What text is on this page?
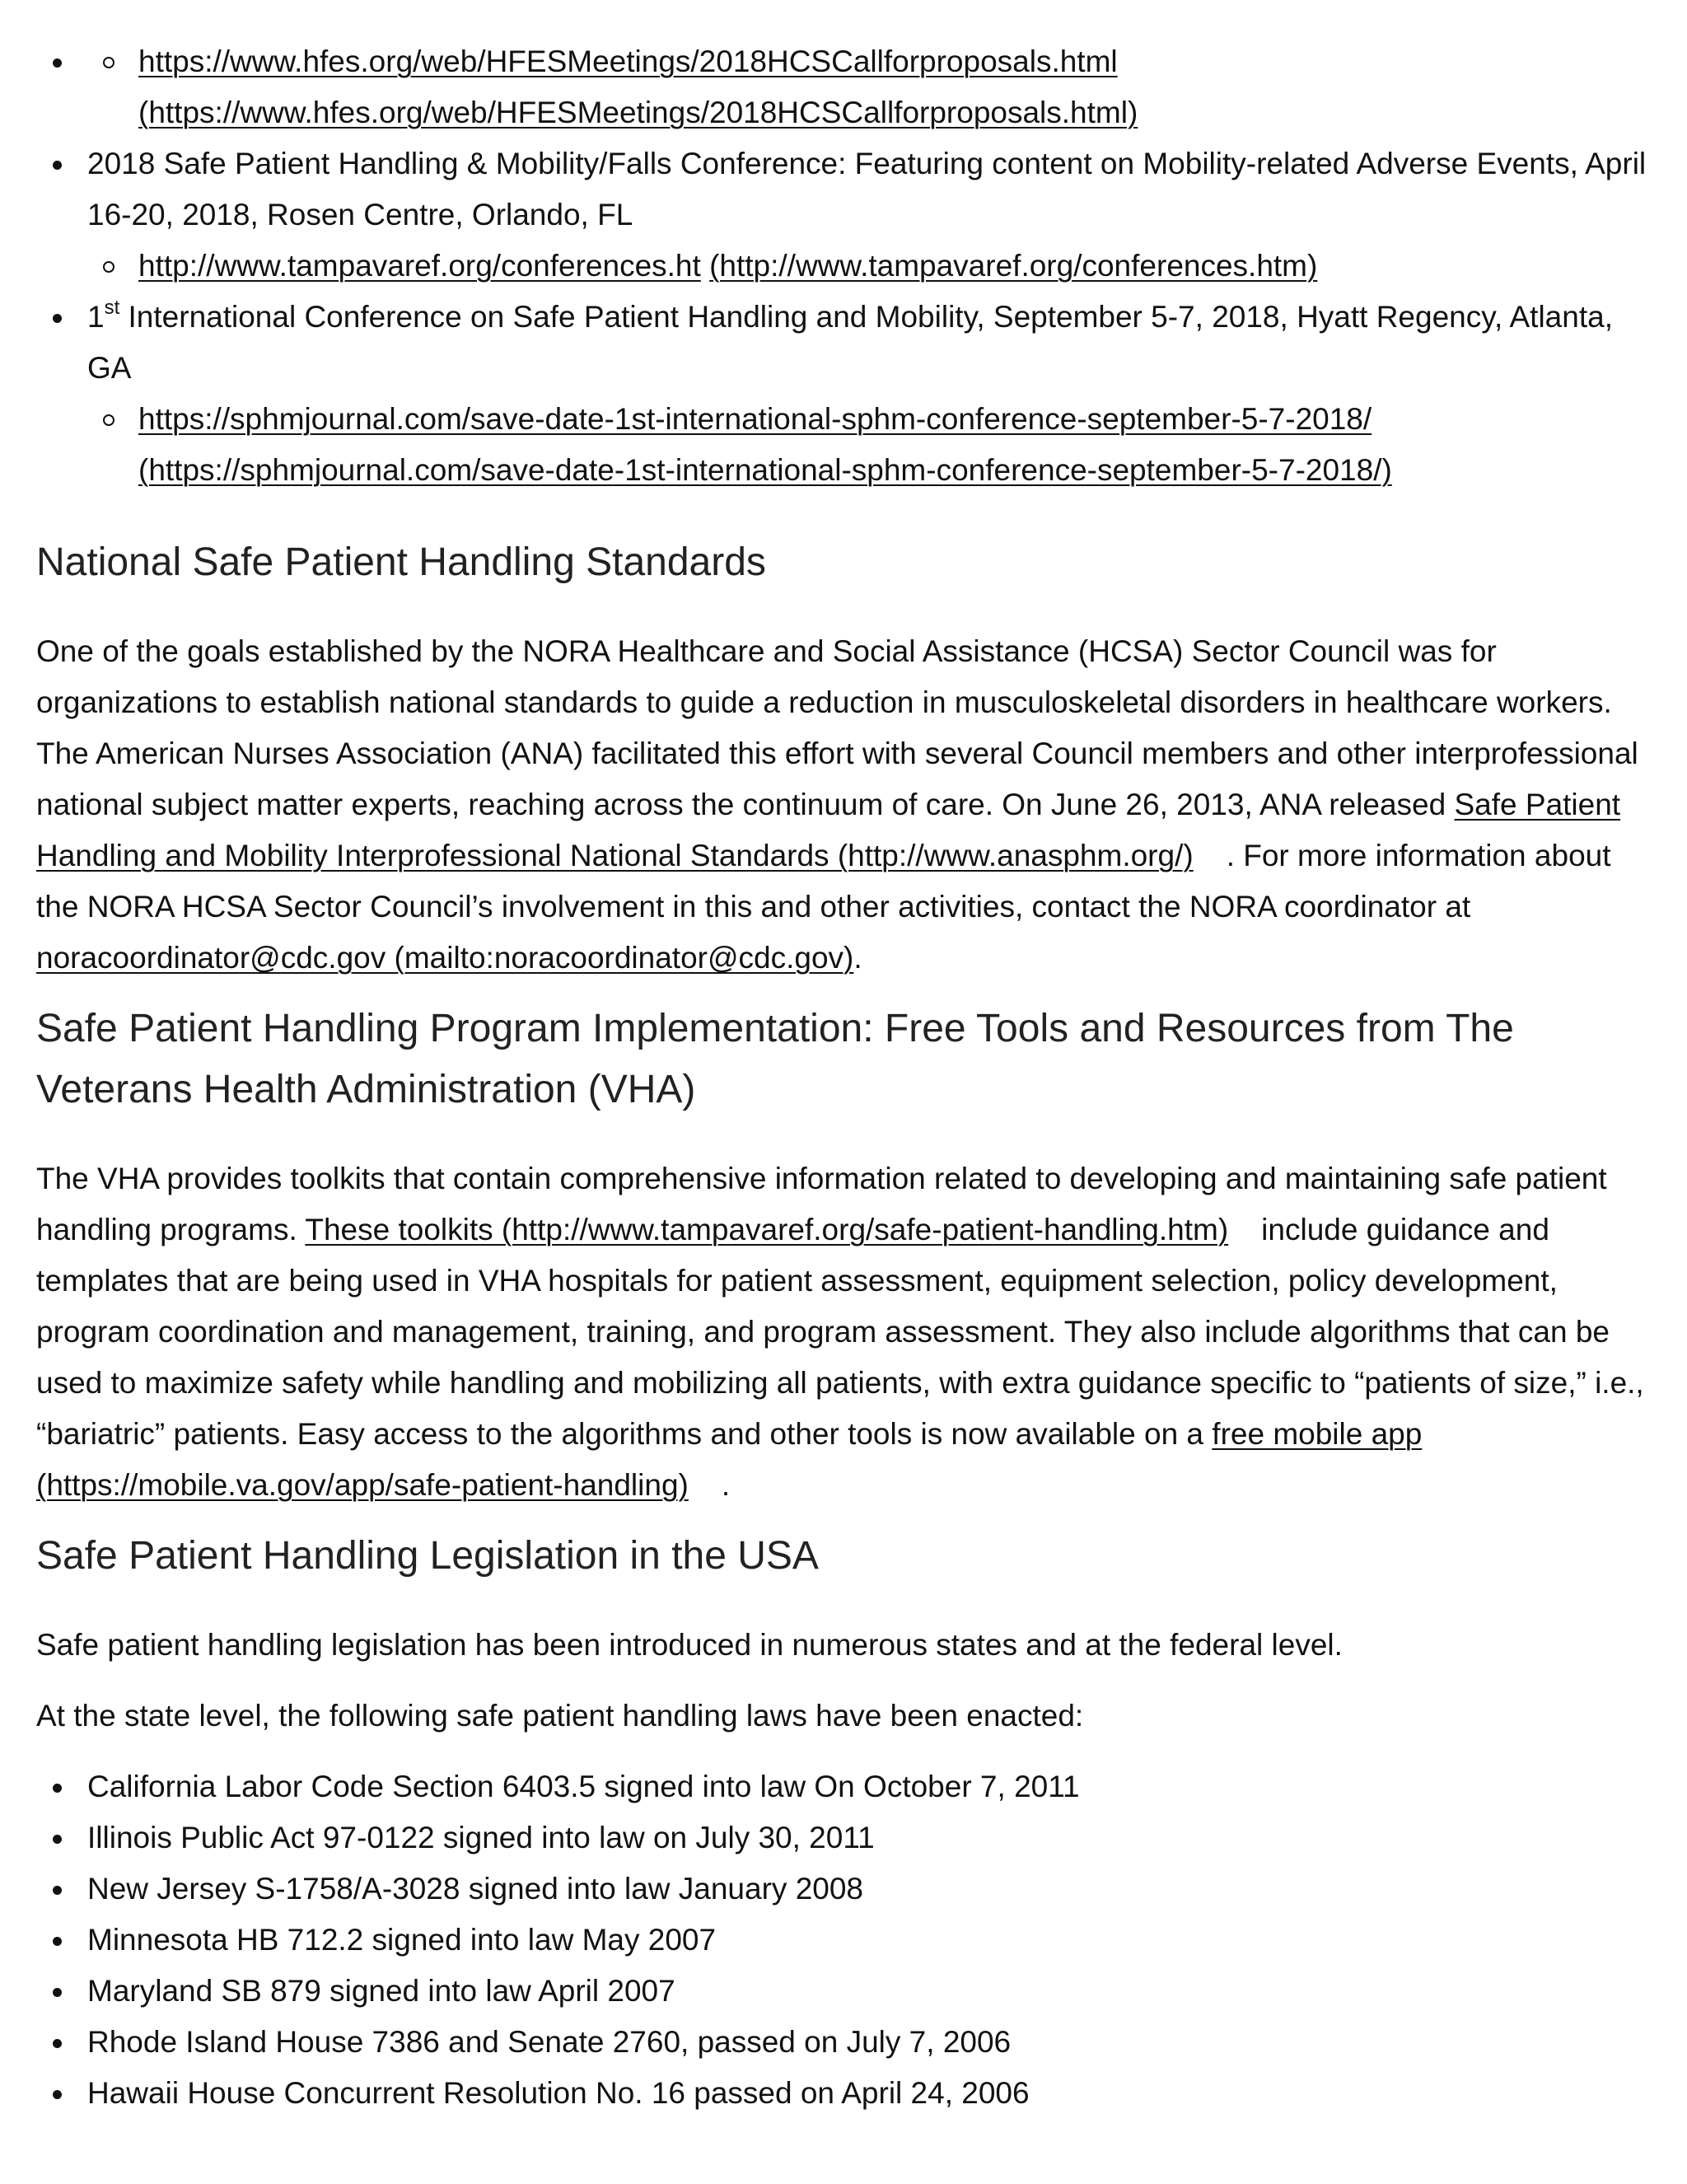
https://www.hfes.org/web/HFESMeetings/2018HCSCallforproposals.html
(https://www.hfes.org/web/HFESMeetings/2018HCSCallforproposals.html)
2018 Safe Patient Handling & Mobility/Falls Conference: Featuring content on Mobility-related Adverse Events, April 16-20, 2018, Rosen Centre, Orlando, FL
http://www.tampavaref.org/conferences.ht (http://www.tampavaref.org/conferences.htm)
1st International Conference on Safe Patient Handling and Mobility, September 5-7, 2018, Hyatt Regency, Atlanta, GA
https://sphmjournal.com/save-date-1st-international-sphm-conference-september-5-7-2018/
(https://sphmjournal.com/save-date-1st-international-sphm-conference-september-5-7-2018/)
National Safe Patient Handling Standards

One of the goals established by the NORA Healthcare and Social Assistance (HCSA) Sector Council was for organizations to establish national standards to guide a reduction in musculoskeletal disorders in healthcare workers. The American Nurses Association (ANA) facilitated this effort with several Council members and other interprofessional national subject matter experts, reaching across the continuum of care. On June 26, 2013, ANA released Safe Patient Handling and Mobility Interprofessional National Standards (http://www.anasphm.org/) . For more information about the NORA HCSA Sector Council’s involvement in this and other activities, contact the NORA coordinator at noracoordinator@cdc.gov (mailto:noracoordinator@cdc.gov).

Safe Patient Handling Program Implementation: Free Tools and Resources from The Veterans Health Administration (VHA)

The VHA provides toolkits that contain comprehensive information related to developing and maintaining safe patient handling programs. These toolkits (http://www.tampavaref.org/safe-patient-handling.htm) include guidance and templates that are being used in VHA hospitals for patient assessment, equipment selection, policy development, program coordination and management, training, and program assessment. They also include algorithms that can be used to maximize safety while handling and mobilizing all patients, with extra guidance specific to “patients of size,” i.e., “bariatric” patients. Easy access to the algorithms and other tools is now available on a free mobile app (https://mobile.va.gov/app/safe-patient-handling) .

Safe Patient Handling Legislation in the USA

Safe patient handling legislation has been introduced in numerous states and at the federal level.

At the state level, the following safe patient handling laws have been enacted:

California Labor Code Section 6403.5 signed into law On October 7, 2011
Illinois Public Act 97-0122 signed into law on July 30, 2011
New Jersey S-1758/A-3028 signed into law January 2008
Minnesota HB 712.2 signed into law May 2007
Maryland SB 879 signed into law April 2007
Rhode Island House 7386 and Senate 2760, passed on July 7, 2006
Hawaii House Concurrent Resolution No. 16 passed on April 24, 2006
